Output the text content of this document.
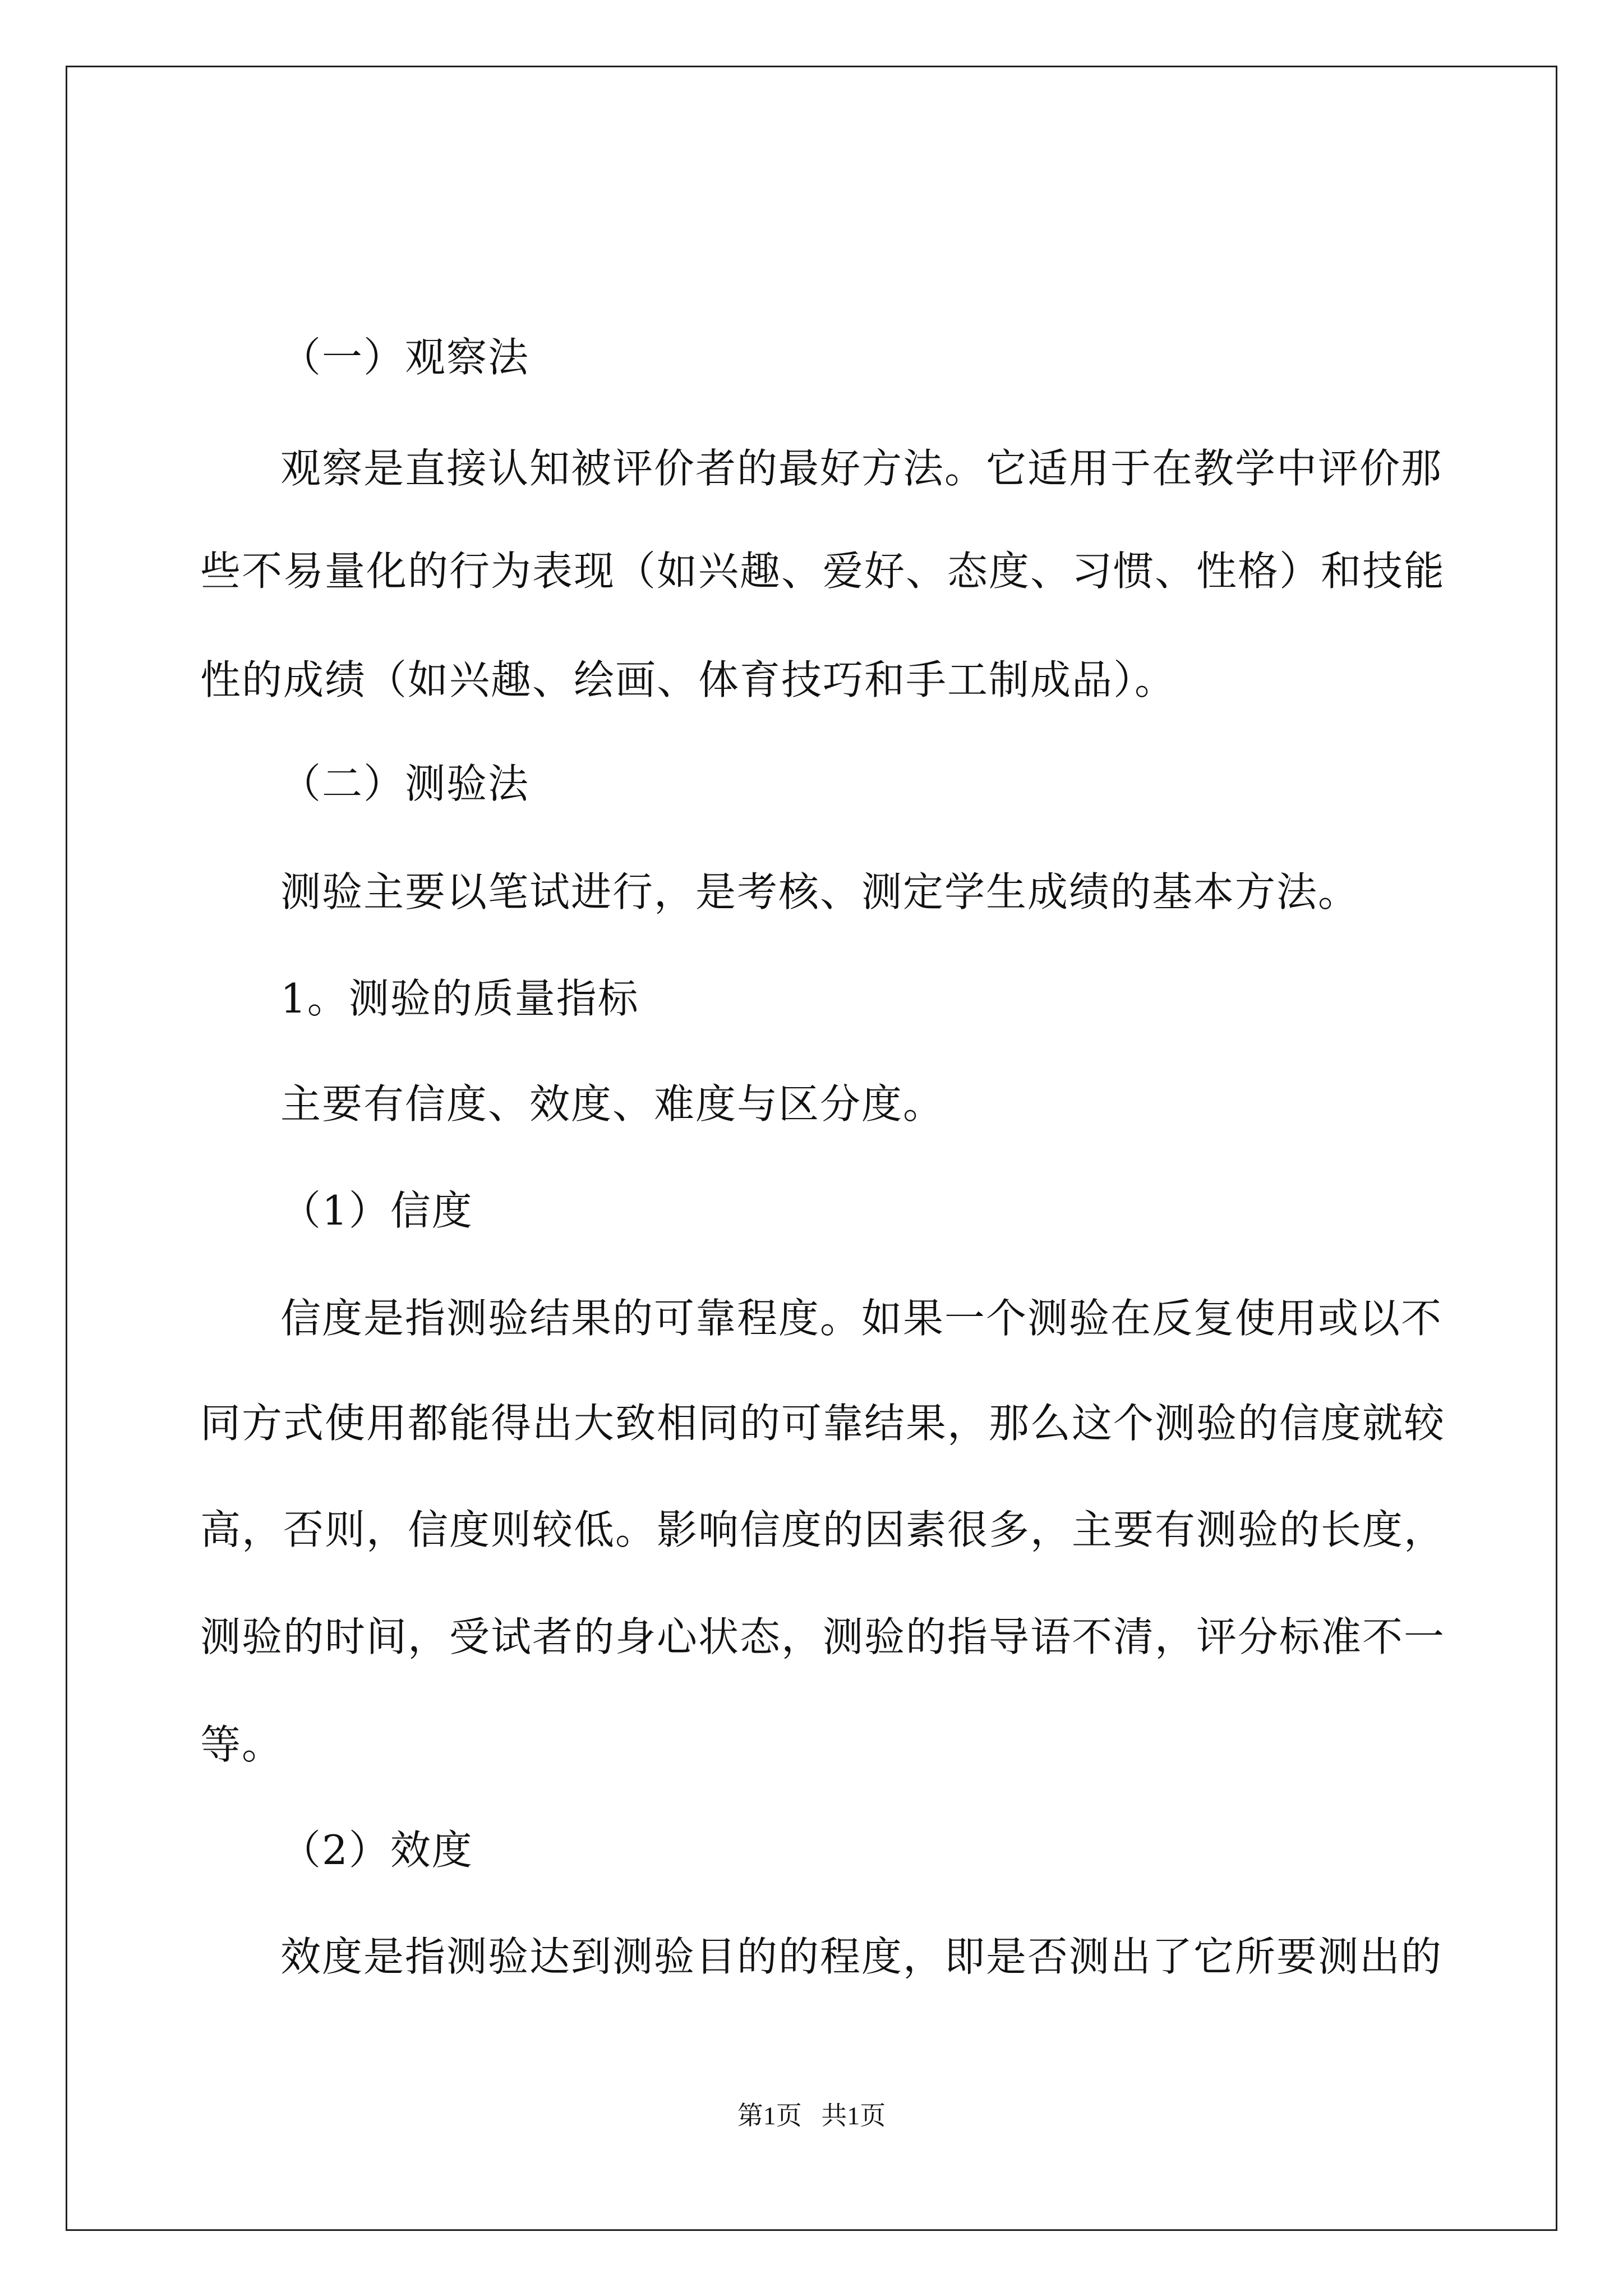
（一）观察法
观察是直接认知被评价者的最好方法。它适用于在教学中评价那
些不易量化的行为表现（如兴趣、爱好、态度、习惯、性格）和技能
性的成绩（如兴趣、绘画、体育技巧和手工制成品）。
（二）测验法
测验主要以笔试进行，是考核、测定学生成绩的基本方法。
1。测验的质量指标
主要有信度、效度、难度与区分度。
（1）信度
信度是指测验结果的可靠程度。如果一个测验在反复使用或以不
同方式使用都能得出大致相同的可靠结果，那么这个测验的信度就较
高，否则，信度则较低。影响信度的因素很多，主要有测验的长度，
测验的时间，受试者的身心状态，测验的指导语不清，评分标准不一
等。
（2）效度
效度是指测验达到测验目的的程度，即是否测出了它所要测出的
第1页   共1页
